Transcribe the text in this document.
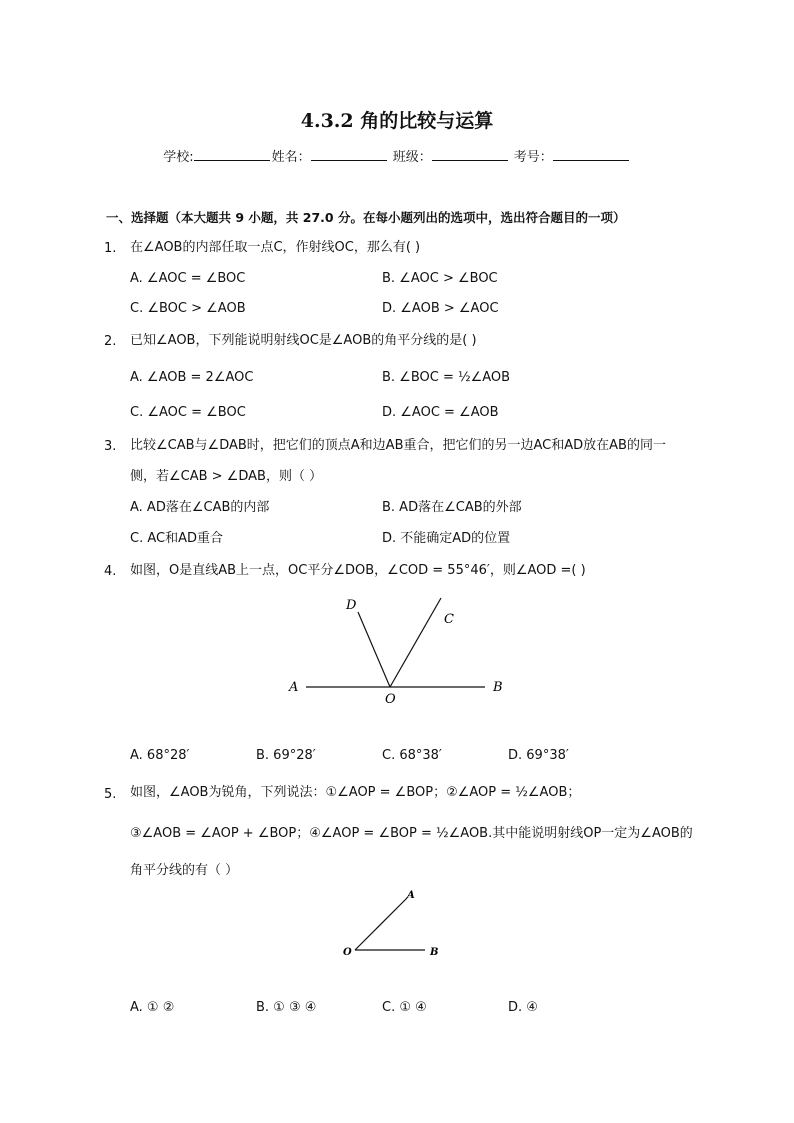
4.3.2 角的比较与运算
学校:	姓名：	班级：	考号：
一、选择题（本大题共 9 小题，共 27.0 分。在每小题列出的选项中，选出符合题目的一项）
1. 在∠AOB的内部任取一点C，作射线OC，那么有( )
A. ∠AOC = ∠BOC	B. ∠AOC > ∠BOC
C. ∠BOC > ∠AOB	D. ∠AOB > ∠AOC
2. 已知∠AOB，下列能说明射线OC是∠AOB的角平分线的是( )
A. ∠AOB = 2∠AOC	B. ∠BOC = ½∠AOB
C. ∠AOC = ∠BOC	D. ∠AOC = ∠AOB
3. 比较∠CAB与∠DAB时，把它们的顶点A和边AB重合，把它们的另一边AC和AD放在AB的同一
侧，若∠CAB > ∠DAB，则（ ）
A. AD落在∠CAB的内部	B. AD落在∠CAB的外部
C. AC和AD重合	D. 不能确定AD的位置
4. 如图，O是直线AB上一点，OC平分∠DOB，∠COD = 55°46′，则∠AOD =( )
D
C
A
O
B
A. 68°28′	B. 69°28′	C. 68°38′	D. 69°38′
5. 如图，∠AOB为锐角，下列说法：①∠AOP = ∠BOP；②∠AOP = ½∠AOB；
③∠AOB = ∠AOP + ∠BOP；④∠AOP = ∠BOP = ½∠AOB.其中能说明射线OP一定为∠AOB的
角平分线的有（ ）
A
O	B
A. ① ②	B. ① ③ ④	C. ① ④	D. ④
